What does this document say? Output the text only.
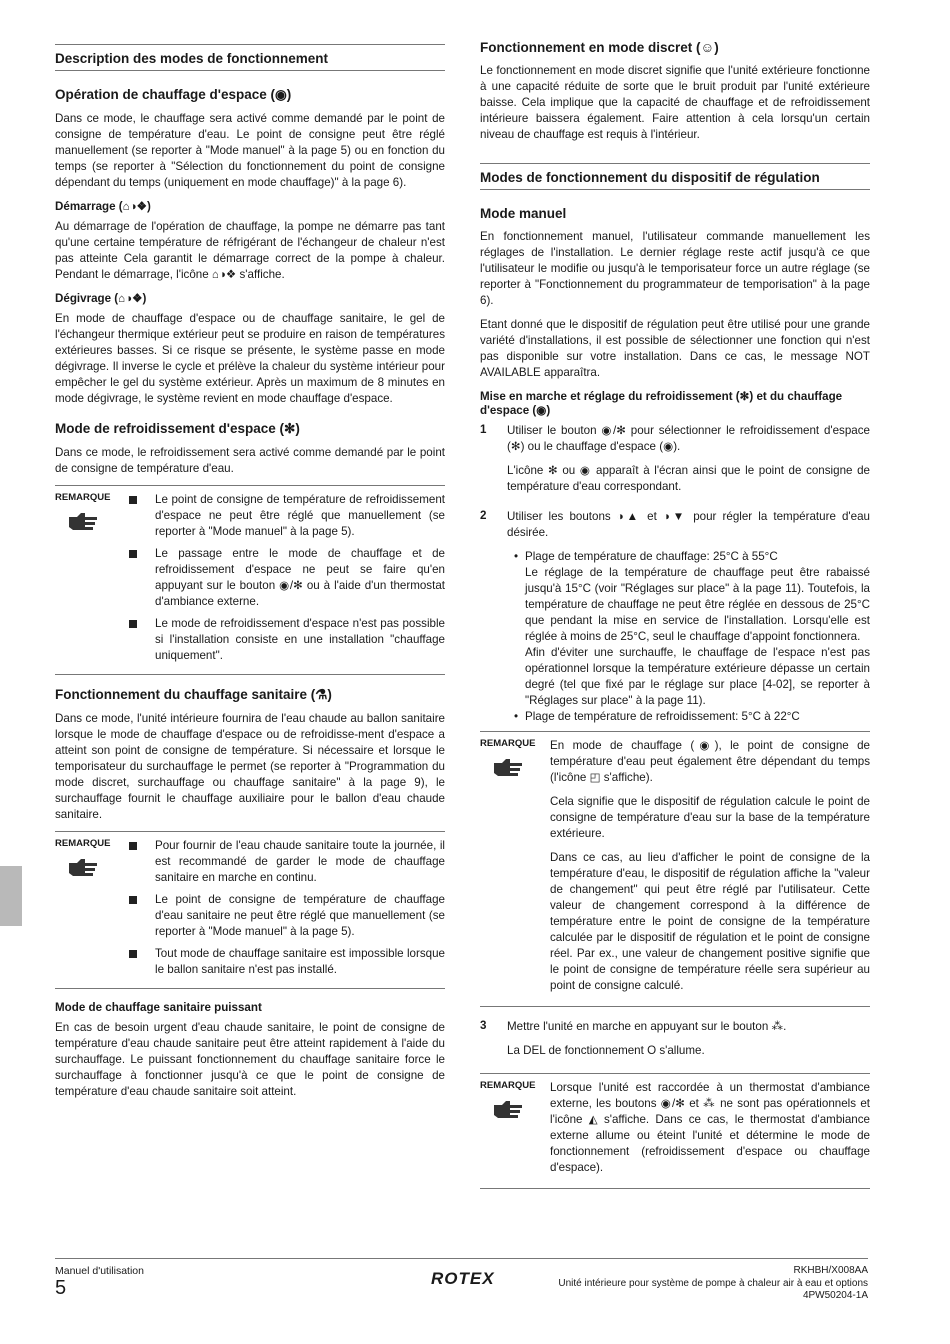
Description des modes de fonctionnement
Opération de chauffage d'espace (◉)

Dans ce mode, le chauffage sera activé comme demandé par le point de consigne de température d'eau. Le point de consigne peut être réglé manuellement (se reporter à "Mode manuel" à la page 5) ou en fonction du temps (se reporter à "Sélection du fonctionnement du point de consigne dépendant du temps (uniquement en mode chauffage)" à la page 6).

Démarrage (⌂◑❖)

Au démarrage de l'opération de chauffage, la pompe ne démarre pas tant qu'une certaine température de réfrigérant de l'échangeur de chaleur n'est pas atteinte Cela garantit le démarrage correct de la pompe à chaleur. Pendant le démarrage, l'icône ⌂◑❖ s'affiche.

Dégivrage (⌂◑❖)

En mode de chauffage d'espace ou de chauffage sanitaire, le gel de l'échangeur thermique extérieur peut se produire en raison de températures extérieures basses. Si ce risque se présente, le système passe en mode dégivrage. Il inverse le cycle et prélève la chaleur du système intérieur pour empêcher le gel du système extérieur. Après un maximum de 8 minutes en mode dégivrage, le système revient en mode chauffage d'espace.

Mode de refroidissement d'espace (✻)

Dans ce mode, le refroidissement sera activé comme demandé par le point de consigne de température d'eau.

REMARQUE	Le point de consigne de température de refroidissement d'espace ne peut être réglé que manuellement (se reporter à "Mode manuel" à la page 5).

Le passage entre le mode de chauffage et de refroidissement d'espace ne peut se faire qu'en appuyant sur le bouton ◉/✻ ou à l'aide d'un thermostat d'ambiance externe.

Le mode de refroidissement d'espace n'est pas possible si l'installation consiste en une installation "chauffage uniquement".

Fonctionnement du chauffage sanitaire (⚗)

Dans ce mode, l'unité intérieure fournira de l'eau chaude au ballon sanitaire lorsque le mode de chauffage d'espace ou de refroidisse-ment d'espace a atteint son point de consigne de température. Si nécessaire et lorsque le temporisateur du surchauffage le permet (se reporter à "Programmation du mode discret, surchauffage ou chauffage sanitaire" à la page 9), le surchauffage fournit le chauffage auxiliaire pour le ballon d'eau chaude sanitaire.

REMARQUE	Pour fournir de l'eau chaude sanitaire toute la journée, il est recommandé de garder le mode de chauffage sanitaire en marche en continu.

Le point de consigne de température de chauffage d'eau sanitaire ne peut être réglé que manuellement (se reporter à "Mode manuel" à la page 5).

Tout mode de chauffage sanitaire est impossible lorsque le ballon sanitaire n'est pas installé.

Mode de chauffage sanitaire puissant

En cas de besoin urgent d'eau chaude sanitaire, le point de consigne de température d'eau chaude sanitaire peut être atteint rapidement à l'aide du surchauffage. Le puissant fonctionnement du chauffage sanitaire force le surchauffage à fonctionner jusqu'à ce que le point de consigne de température d'eau chaude sanitaire soit atteint.

Fonctionnement en mode discret (☺)

Le fonctionnement en mode discret signifie que l'unité extérieure fonctionne à une capacité réduite de sorte que le bruit produit par l'unité extérieure baisse. Cela implique que la capacité de chauffage et de refroidissement intérieure baissera également. Faire attention à cela lorsqu'un certain niveau de chauffage est requis à l'intérieur.

Modes de fonctionnement du dispositif de régulation
Mode manuel

En fonctionnement manuel, l'utilisateur commande manuellement les réglages de l'installation. Le dernier réglage reste actif jusqu'à ce que l'utilisateur le modifie ou jusqu'à le temporisateur force un autre réglage (se reporter à "Fonctionnement du programmateur de temporisation" à la page 6).

Etant donné que le dispositif de régulation peut être utilisé pour une grande variété d'installations, il est possible de sélectionner une fonction qui n'est pas disponible sur votre installation. Dans ce cas, le message NOT AVAILABLE apparaîtra.

Mise en marche et réglage du refroidissement (✻) et du chauffage d'espace (◉)
1	Utiliser le bouton ◉/✻ pour sélectionner le refroidissement d'espace (✻) ou le chauffage d'espace (◉).

L'icône ✻ ou ◉ apparaît à l'écran ainsi que le point de consigne de température d'eau correspondant.

2	Utiliser les boutons ◑▲ et ◑▼ pour régler la température d'eau désirée.

• Plage de température de chauffage: 25°C à 55°C

Le réglage de la température de chauffage peut être rabaissé jusqu'à 15°C (voir "Réglages sur place" à la page 11). Toutefois, la température de chauffage ne peut être réglée en dessous de 25°C que pendant la mise en service de l'installation. Lorsqu'elle est réglée à moins de 25°C, seul le chauffage d'appoint fonctionnera.

Afin d'éviter une surchauffe, le chauffage de l'espace n'est pas opérationnel lorsque la température extérieure dépasse un certain degré (tel que fixé par le réglage sur place [4-02], se reporter à "Réglages sur place" à la page 11).

• Plage de température de refroidissement: 5°C à 22°C

REMARQUE	En mode de chauffage (◉), le point de consigne de température d'eau peut également être dépendant du temps (l'icône ◰ s'affiche).

Cela signifie que le dispositif de régulation calcule le point de consigne de température d'eau sur la base de la température extérieure.

Dans ce cas, au lieu d'afficher le point de consigne de la température d'eau, le dispositif de régulation affiche la "valeur de changement" qui peut être réglé par l'utilisateur. Cette valeur de changement correspond à la différence de température entre le point de consigne de la température calculée par le dispositif de régulation et le point de consigne réel. Par ex., une valeur de changement positive signifie que le point de consigne de température réelle sera supérieur au point de consigne calculé.

3	Mettre l'unité en marche en appuyant sur le bouton ⁂.

La DEL de fonctionnement O s'allume.

REMARQUE	Lorsque l'unité est raccordée à un thermostat d'ambiance externe, les boutons ◉/✻ et ⁂ ne sont pas opérationnels et l'icône ◭ s'affiche. Dans ce cas, le thermostat d'ambiance externe allume ou éteint l'unité et détermine le mode de fonctionnement (refroidissement d'espace ou chauffage d'espace).

Manuel d'utilisation
5	ROTEX	RKHBH/X008AA
Unité intérieure pour système de pompe à chaleur air à eau et options
4PW50204-1A
